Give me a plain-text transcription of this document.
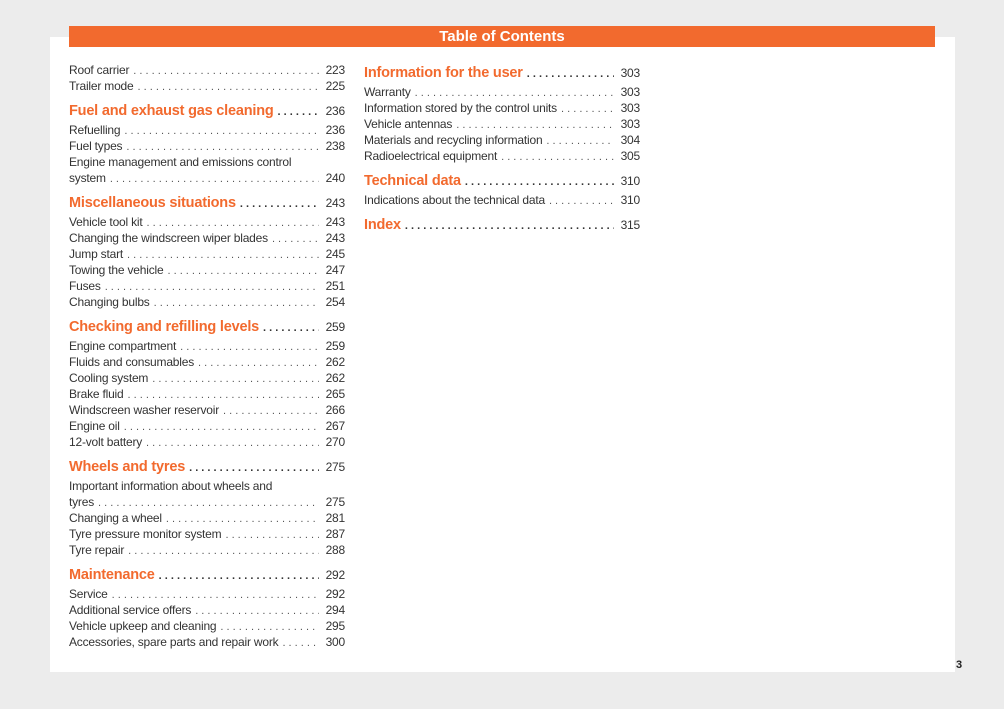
Table of Contents
Roof carrier . . .	223
Trailer mode . . .	225
Fuel and exhaust gas cleaning . . .	236
Refuelling . . .	236
Fuel types . . .	238
Engine management and emissions control
system . . .	240
Miscellaneous situations . . .	243
Vehicle tool kit . . .	243
Changing the windscreen wiper blades . . .	243
Jump start . . .	245
Towing the vehicle . . .	247
Fuses . . .	251
Changing bulbs . . .	254
Checking and refilling levels . . .	259
Engine compartment . . .	259
Fluids and consumables . . .	262
Cooling system . . .	262
Brake fluid . . .	265
Windscreen washer reservoir . . .	266
Engine oil . . .	267
12-volt battery . . .	270
Wheels and tyres . . .	275
Important information about wheels and
tyres . . .	275
Changing a wheel . . .	281
Tyre pressure monitor system . . .	287
Tyre repair . . .	288
Maintenance . . .	292
Service . . .	292
Additional service offers . . .	294
Vehicle upkeep and cleaning . . .	295
Accessories, spare parts and repair work . . .	300
Information for the user . . .	303
Warranty . . .	303
Information stored by the control units . . .	303
Vehicle antennas . . .	303
Materials and recycling information . . .	304
Radioelectrical equipment . . .	305
Technical data . . .	310
Indications about the technical data . . .	310
Index . . .	315
3
